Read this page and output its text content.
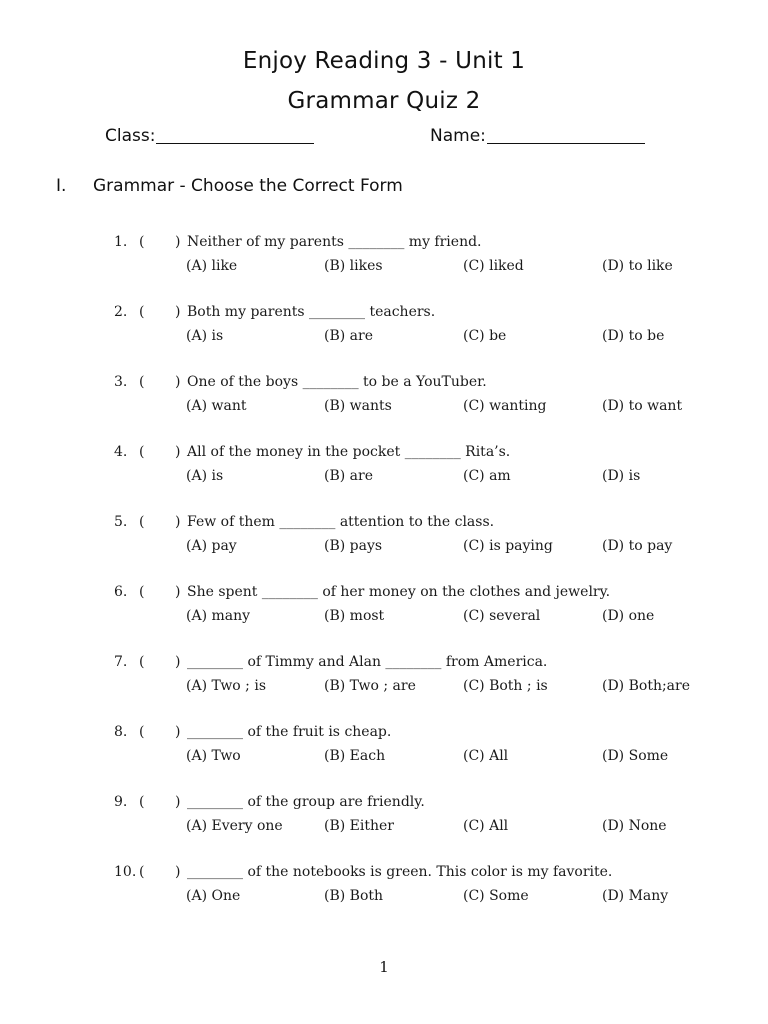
Enjoy Reading 3 - Unit 1
Grammar Quiz 2
Class:	Name:
I. Grammar - Choose the Correct Form
1. ( ) Neither of my parents ________ my friend.
(A) like	(B) likes	(C) liked	(D) to like
2. ( ) Both my parents ________ teachers.
(A) is	(B) are	(C) be	(D) to be
3. ( ) One of the boys ________ to be a YouTuber.
(A) want	(B) wants	(C) wanting	(D) to want
4. ( ) All of the money in the pocket ________ Rita’s.
(A) is	(B) are	(C) am	(D) is
5. ( ) Few of them ________ attention to the class.
(A) pay	(B) pays	(C) is paying	(D) to pay
6. ( ) She spent ________ of her money on the clothes and jewelry.
(A) many	(B) most	(C) several	(D) one
7. ( ) ________ of Timmy and Alan ________ from America.
(A) Two ; is	(B) Two ; are	(C) Both ; is	(D) Both;are
8. ( ) ________ of the fruit is cheap.
(A) Two	(B) Each	(C) All	(D) Some
9. ( ) ________ of the group are friendly.
(A) Every one	(B) Either	(C) All	(D) None
10. ( ) ________ of the notebooks is green. This color is my favorite.
(A) One	(B) Both	(C) Some	(D) Many
1
